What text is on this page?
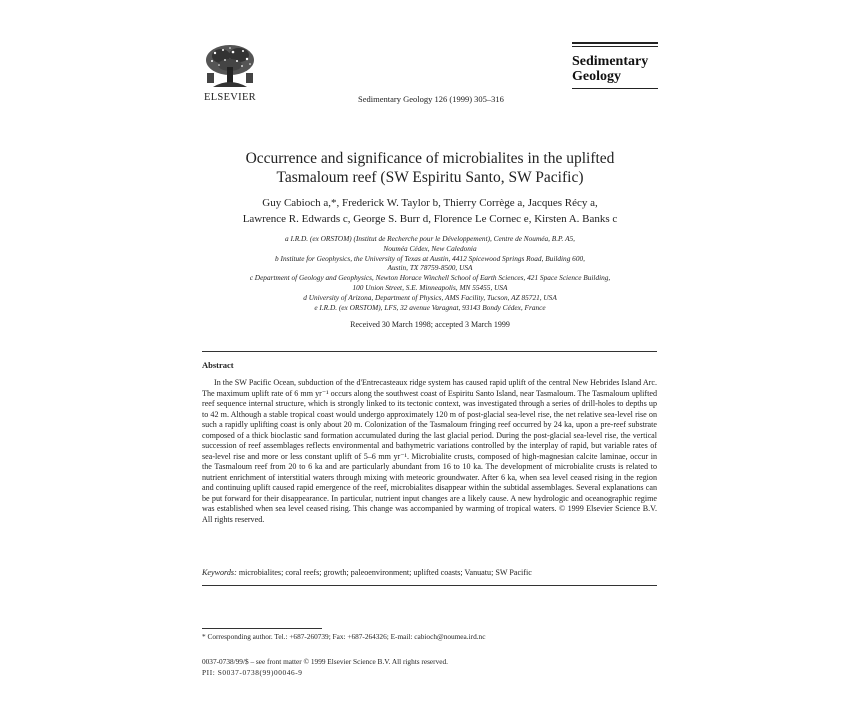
ELSEVIER	Sedimentary Geology 126 (1999) 305–316
Sedimentary
Geology
Occurrence and significance of microbialites in the uplifted
Tasmaloum reef (SW Espiritu Santo, SW Pacific)
Guy Cabioch a,*, Frederick W. Taylor b, Thierry Corrège a, Jacques Récy a,
Lawrence R. Edwards c, George S. Burr d, Florence Le Cornec e, Kirsten A. Banks c
a I.R.D. (ex ORSTOM) (Institut de Recherche pour le Développement), Centre de Nouméa, B.P. A5,
Nouméa Cédex, New Caledonia
b Institute for Geophysics, the University of Texas at Austin, 4412 Spicewood Springs Road, Building 600,
Austin, TX 78759-8500, USA
c Department of Geology and Geophysics, Newton Horace Winchell School of Earth Sciences, 421 Space Science Building,
100 Union Street, S.E. Minneapolis, MN 55455, USA
d University of Arizona, Department of Physics, AMS Facility, Tucson, AZ 85721, USA
e I.R.D. (ex ORSTOM), LFS, 32 avenue Varagnat, 93143 Bondy Cédex, France
Received 30 March 1998; accepted 3 March 1999
Abstract
In the SW Pacific Ocean, subduction of the d'Entrecasteaux ridge system has caused rapid uplift of the central New Hebrides Island Arc. The maximum uplift rate of 6 mm yr⁻¹ occurs along the southwest coast of Espiritu Santo Island, near Tasmaloum. The Tasmaloum uplifted reef sequence internal structure, which is strongly linked to its tectonic context, was investigated through a series of drill-holes to depths up to 42 m. Although a stable tropical coast would undergo approximately 120 m of post-glacial sea-level rise, the net relative sea-level rise on such a rapidly uplifting coast is only about 20 m. Colonization of the Tasmaloum fringing reef occurred by 24 ka, upon a pre-reef substrate composed of a thick bioclastic sand formation accumulated during the last glacial period. During the post-glacial sea-level rise, the vertical succession of reef assemblages reflects environmental and bathymetric variations controlled by the interplay of rapid, but variable rates of sea-level rise and more or less constant uplift of 5–6 mm yr⁻¹. Microbialite crusts, composed of high-magnesian calcite laminae, occur in the Tasmaloum reef from 20 to 6 ka and are particularly abundant from 16 to 10 ka. The development of microbialite crusts is related to nutrient enrichment of interstitial waters through mixing with meteoric groundwater. After 6 ka, when sea level ceased rising in the region and continuing uplift caused rapid emergence of the reef, microbialites disappear within the subtidal assemblages. Several explanations can be put forward for their disappearance. In particular, nutrient input changes are a likely cause. A new hydrologic and oceanographic regime was established when sea level ceased rising. This change was accompanied by warming of tropical waters. © 1999 Elsevier Science B.V. All rights reserved.
Keywords: microbialites; coral reefs; growth; paleoenvironment; uplifted coasts; Vanuatu; SW Pacific
* Corresponding author. Tel.: +687-260739; Fax: +687-264326; E-mail: cabioch@noumea.ird.nc
0037-0738/99/$ – see front matter © 1999 Elsevier Science B.V. All rights reserved.
PII: S0037-0738(99)00046-9
